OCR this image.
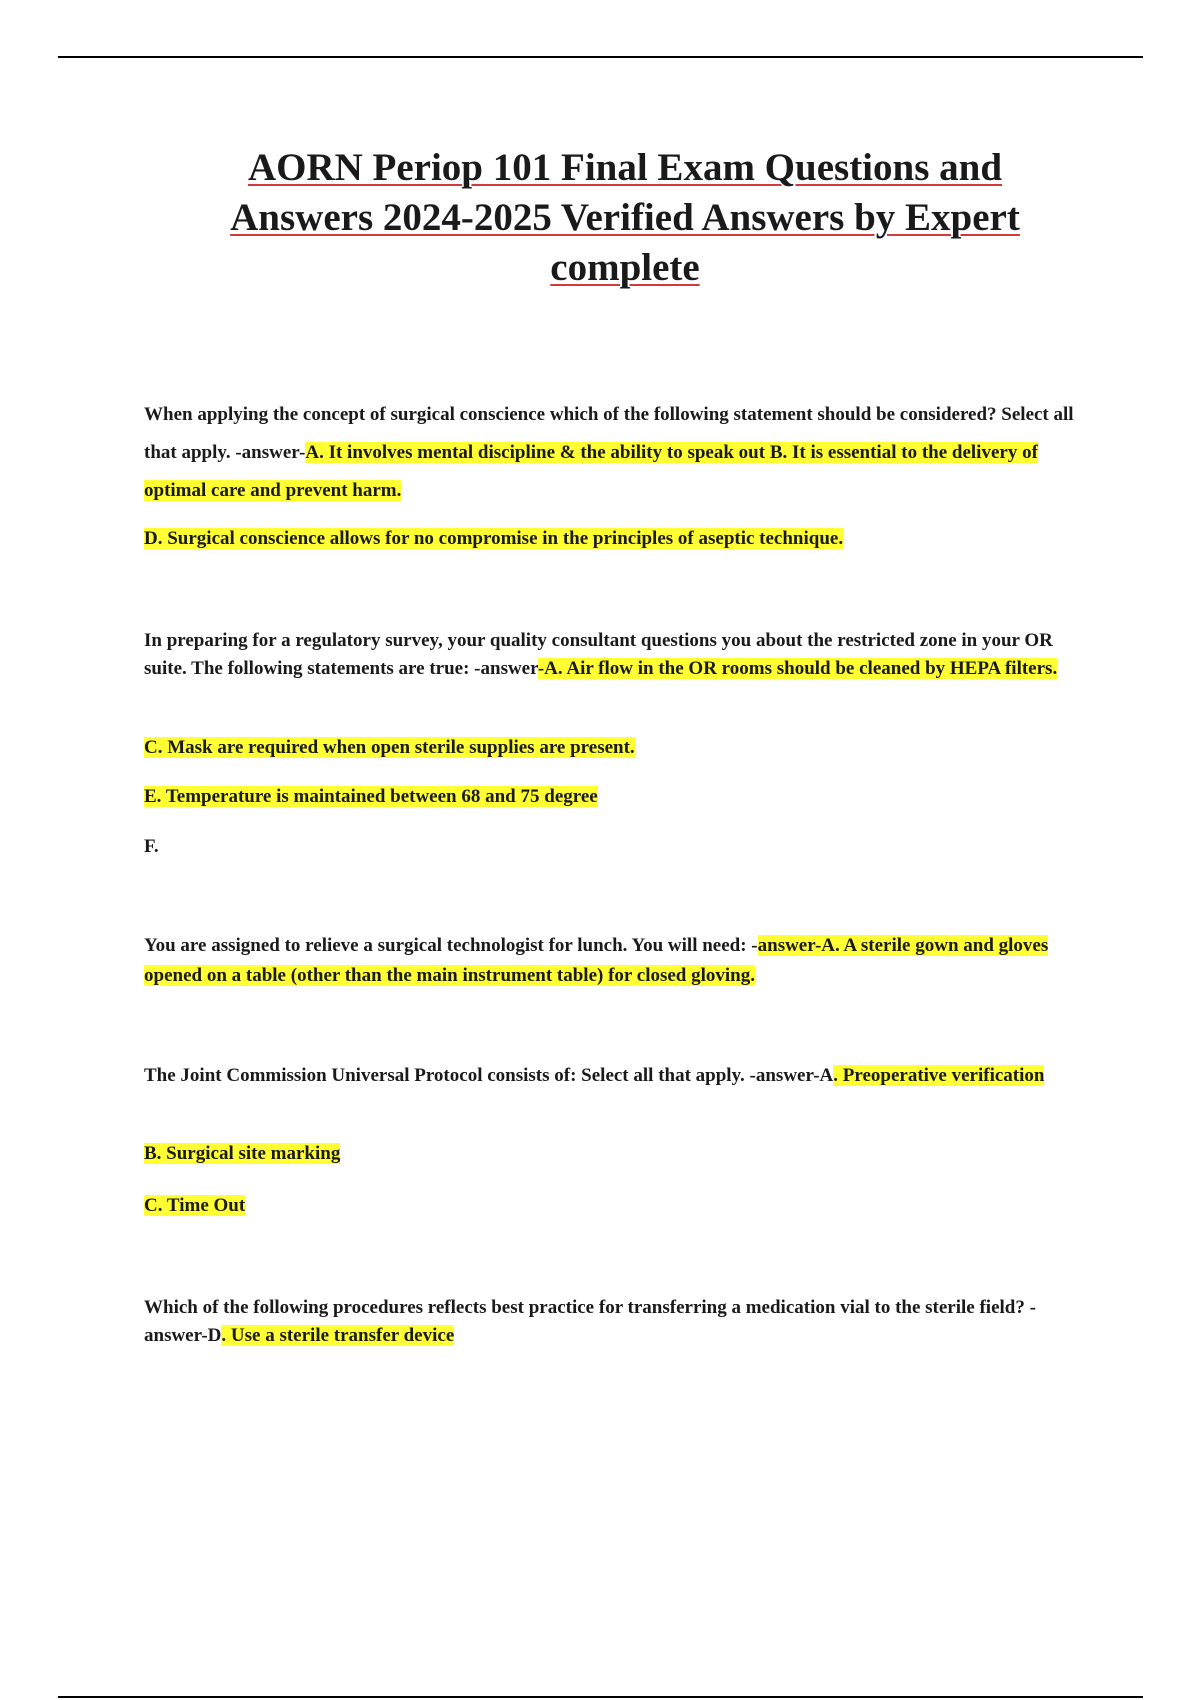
AORN Periop 101 Final Exam Questions and
Answers 2024-2025 Verified Answers by Expert
complete
When applying the concept of surgical conscience which of the following statement should be considered? Select all that apply. -answer-A. It involves mental discipline & the ability to speak out B. It is essential to the delivery of optimal care and prevent harm.
D. Surgical conscience allows for no compromise in the principles of aseptic technique.
In preparing for a regulatory survey, your quality consultant questions you about the restricted zone in your OR suite. The following statements are true: -answer-A. Air flow in the OR rooms should be cleaned by HEPA filters.
C. Mask are required when open sterile supplies are present.
E. Temperature is maintained between 68 and 75 degree
F.
You are assigned to relieve a surgical technologist for lunch. You will need: -answer-A. A sterile gown and gloves opened on a table (other than the main instrument table) for closed gloving.
The Joint Commission Universal Protocol consists of: Select all that apply. -answer-A. Preoperative verification
B. Surgical site marking
C. Time Out
Which of the following procedures reflects best practice for transferring a medication vial to the sterile field? -answer-D. Use a sterile transfer device
